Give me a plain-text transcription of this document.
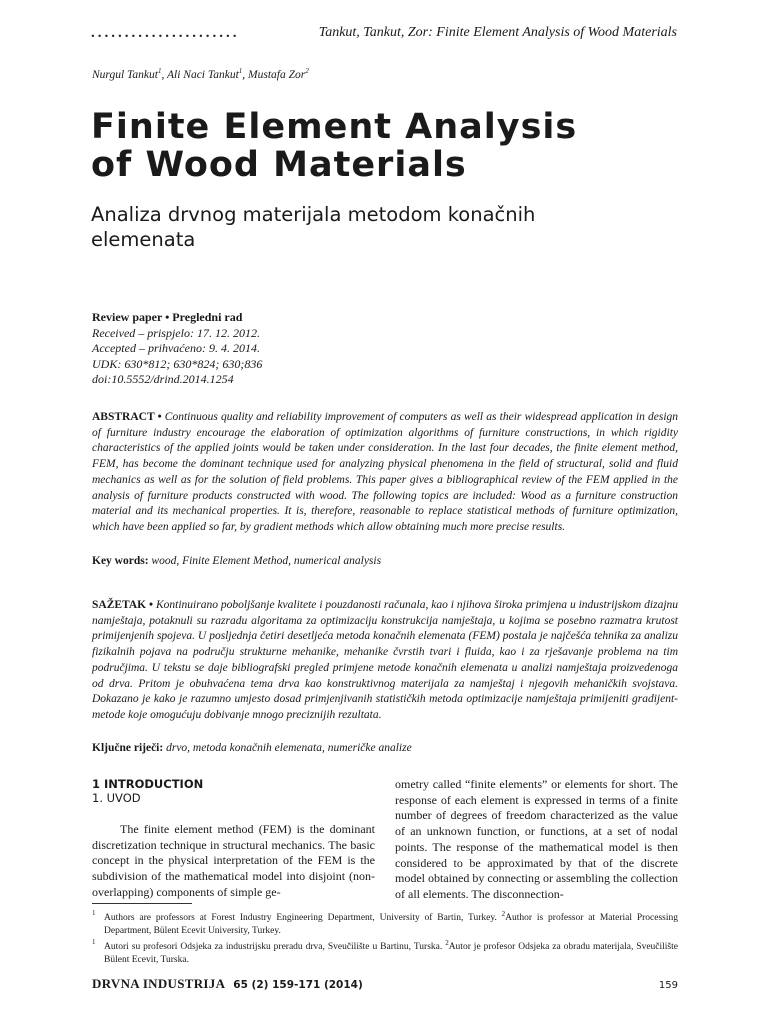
......................	Tankut, Tankut, Zor: Finite Element Analysis of Wood Materials
Nurgul Tankut$^1$, Ali Naci Tankut$^1$, Mustafa Zor$^2$
Finite Element Analysis
of Wood Materials
Analiza drvnog materijala metodom konačnih
elemenata
Review paper • Pregledni rad
Received – prispjelo: 17. 12. 2012.
Accepted – prihvaćeno: 9. 4. 2014.
UDK: 630*812; 630*824; 630;836
doi:10.5552/drind.2014.1254
ABSTRACT • Continuous quality and reliability improvement of computers as well as their widespread application in design of furniture industry encourage the elaboration of optimization algorithms of furniture constructions, in which rigidity characteristics of the applied joints would be taken under consideration. In the last four decades, the finite element method, FEM, has become the dominant technique used for analyzing physical phenomena in the field of structural, solid and fluid mechanics as well as for the solution of field problems. This paper gives a bibliographical review of the FEM applied in the analysis of furniture products constructed with wood. The following topics are included: Wood as a furniture construction material and its mechanical properties. It is, therefore, reasonable to replace statistical methods of furniture optimization, which have been applied so far, by gradient methods which allow obtaining much more precise results.
Key words: wood, Finite Element Method, numerical analysis
SAŽETAK • Kontinuirano poboljšanje kvalitete i pouzdanosti računala, kao i njihova široka primjena u industrijskom dizajnu namještaja, potaknuli su razradu algoritama za optimizaciju konstrukcija namještaja, u kojima se posebno razmatra krutost primijenjenih spojeva. U posljednja četiri desetljeća metoda konačnih elemenata (FEM) postala je najčešća tehnika za analizu fizikalnih pojava na području strukturne mehanike, mehanike čvrstih tvari i fluida, kao i za rješavanje problema na tim područjima. U tekstu se daje bibliografski pregled primjene metode konačnih elemenata u analizi namještaja proizvedenoga od drva. Pritom je obuhvaćena tema drva kao konstruktivnog materijala za namještaj i njegovih mehaničkih svojstava. Dokazano je kako je razumno umjesto dosad primjenjivanih statističkih metoda optimizacije namještaja primijeniti gradijent-metode koje omogućuju dobivanje mnogo preciznijih rezultata.
Ključne riječi: drvo, metoda konačnih elemenata, numeričke analize
1 INTRODUCTION
1. UVOD
The finite element method (FEM) is the dominant discretization technique in structural mechanics. The basic concept in the physical interpretation of the FEM is the subdivision of the mathematical model into disjoint (non-overlapping) components of simple ge-
ometry called “finite elements” or elements for short. The response of each element is expressed in terms of a finite number of degrees of freedom characterized as the value of an unknown function, or functions, at a set of nodal points. The response of the mathematical model is then considered to be approximated by that of the discrete model obtained by connecting or assembling the collection of all elements. The disconnection-
1
Authors are professors at Forest Industry Engineering Department, University of Bartin, Turkey. $^2$Author is professor at Material Processing Department, Bülent Ecevit University, Turkey.
1
Autori su profesori Odsjeka za industrijsku preradu drva, Sveučilište u Bartinu, Turska. $^2$Autor je profesor Odsjeka za obradu materijala, Sveučilište Bülent Ecevit, Turska.
DRVNA INDUSTRIJA 65 (2) 159-171 (2014)	159
